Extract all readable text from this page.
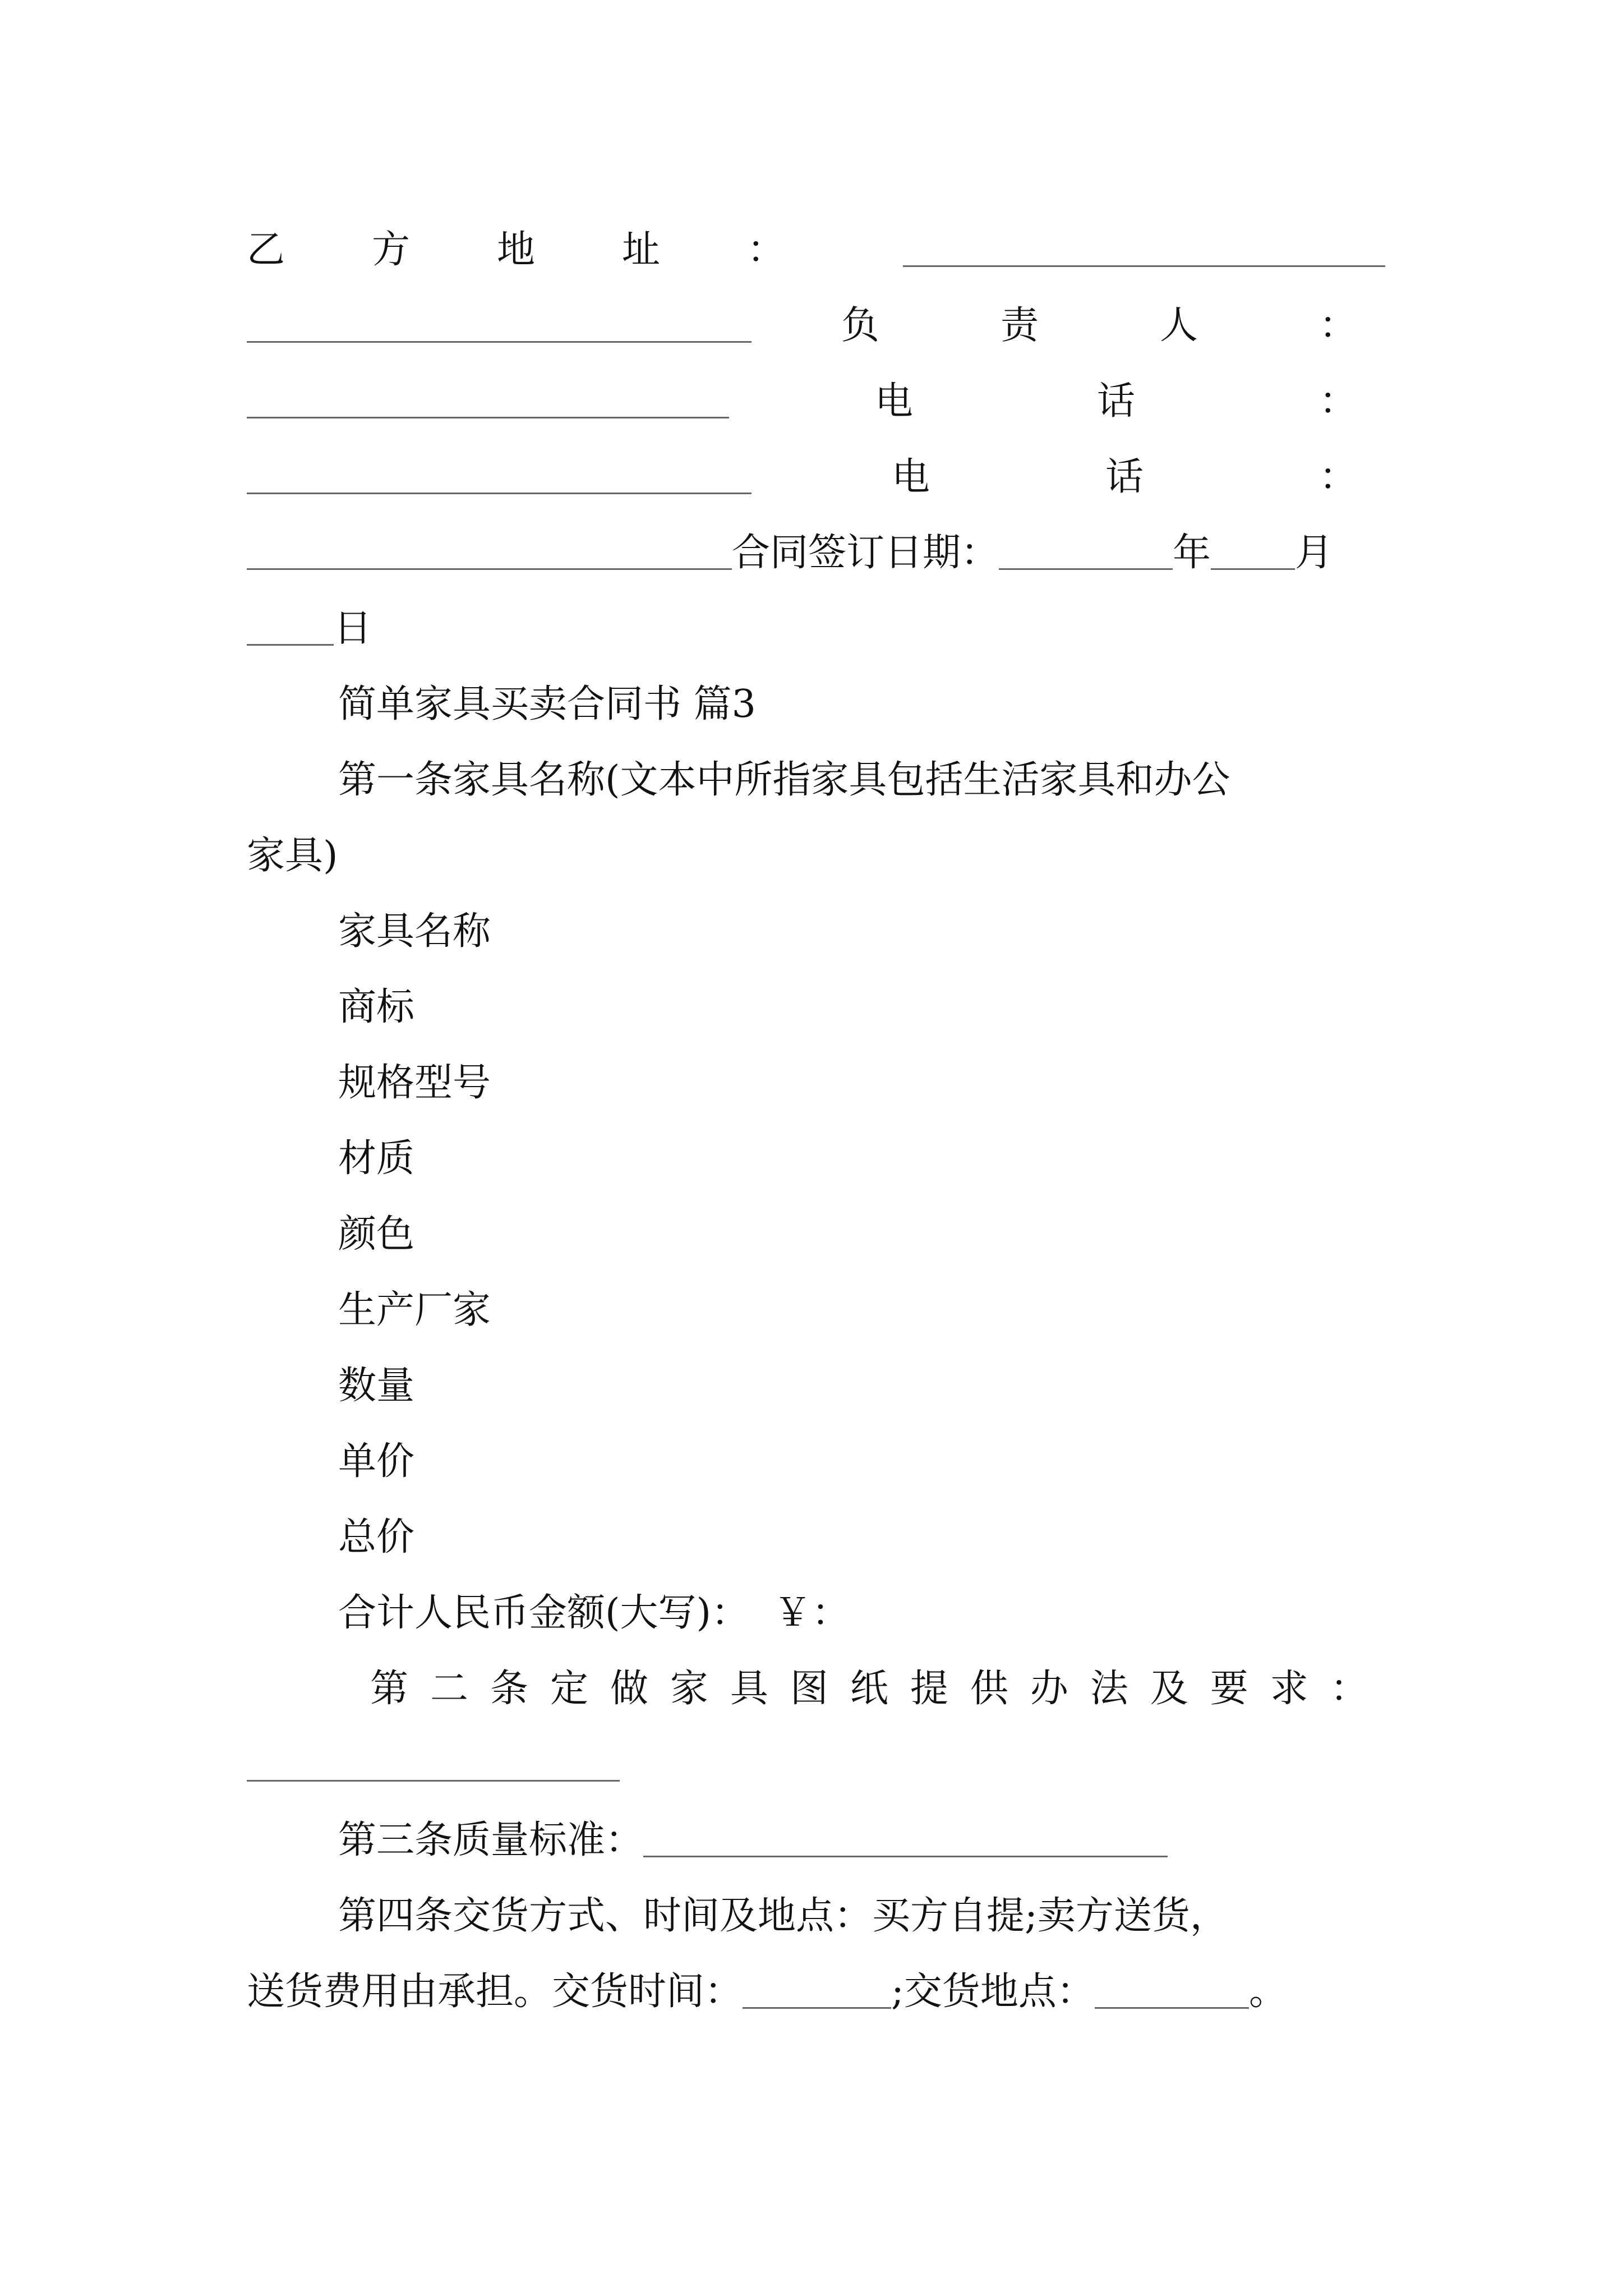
乙 方 地 址 ：
负	责	人	：
电	话	：
电	话	：
合同签订日期：	年 月
日
简单家具买卖合同书 篇3
第一条家具名称(文本中所指家具包括生活家具和办公
家具)
家具名称
商标
规格型号
材质
颜色
生产厂家
数量
单价
总价
合计人民币金额(大写)：  ￥：
第 二 条 定 做 家 具 图 纸 提 供 办 法 及 要 求 ：
第三条质量标准：
第四条交货方式、时间及地点：买方自提;卖方送货，
送货费用由承担。交货时间：	;交货地点：	。
